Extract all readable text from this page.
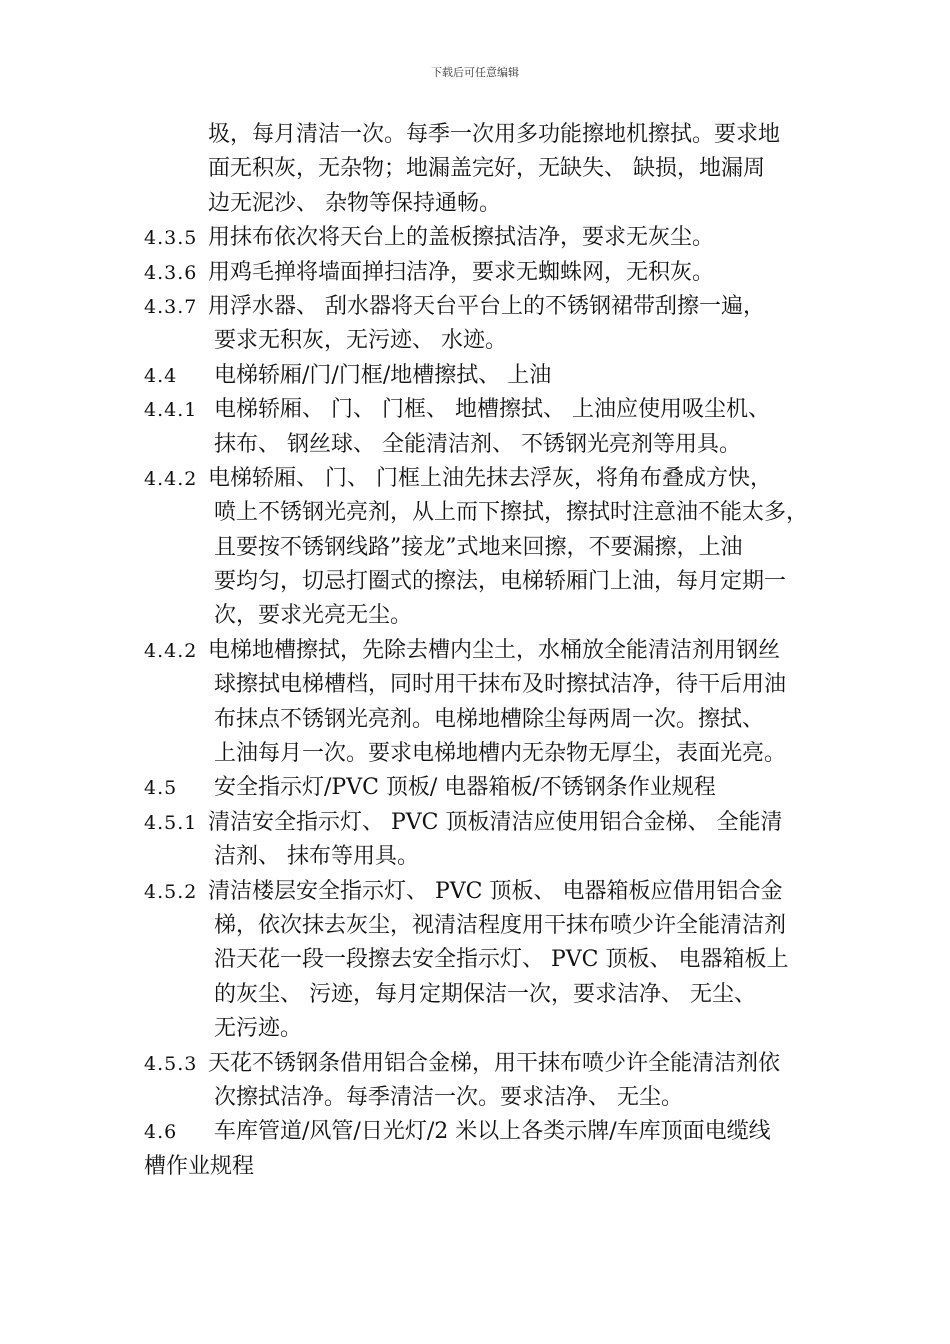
下载后可任意编辑
圾，每月清洁一次。每季一次用多功能擦地机擦拭。要求地
面无积灰，无杂物；地漏盖完好，无缺失、 缺损，地漏周
边无泥沙、 杂物等保持通畅。
4.3.5 用抹布依次将天台上的盖板擦拭洁净，要求无灰尘。
4.3.6 用鸡毛掸将墙面掸扫洁净，要求无蜘蛛网，无积灰。
4.3.7 用浮水器、 刮水器将天台平台上的不锈钢裙带刮擦一遍，
要求无积灰，无污迹、 水迹。
4.4 电梯轿厢/门/门框/地槽擦拭、 上油
4.4.1 电梯轿厢、 门、 门框、 地槽擦拭、 上油应使用吸尘机、
抹布、 钢丝球、 全能清洁剂、 不锈钢光亮剂等用具。
4.4.2 电梯轿厢、 门、 门框上油先抹去浮灰，将角布叠成方快，
喷上不锈钢光亮剂，从上而下擦拭，擦拭时注意油不能太多，
且要按不锈钢线路”接龙”式地来回擦，不要漏擦，上油
要均匀，切忌打圈式的擦法，电梯轿厢门上油，每月定期一
次，要求光亮无尘。
4.4.2 电梯地槽擦拭，先除去槽内尘土，水桶放全能清洁剂用钢丝
球擦拭电梯槽档，同时用干抹布及时擦拭洁净，待干后用油
布抹点不锈钢光亮剂。电梯地槽除尘每两周一次。擦拭、
上油每月一次。要求电梯地槽内无杂物无厚尘，表面光亮。
4.5 安全指示灯/PVC 顶板/ 电器箱板/不锈钢条作业规程
4.5.1 清洁安全指示灯、 PVC 顶板清洁应使用铝合金梯、 全能清
洁剂、 抹布等用具。
4.5.2 清洁楼层安全指示灯、 PVC 顶板、 电器箱板应借用铝合金
梯，依次抹去灰尘，视清洁程度用干抹布喷少许全能清洁剂
沿天花一段一段擦去安全指示灯、 PVC 顶板、 电器箱板上
的灰尘、 污迹，每月定期保洁一次，要求洁净、 无尘、
无污迹。
4.5.3 天花不锈钢条借用铝合金梯，用干抹布喷少许全能清洁剂依
次擦拭洁净。每季清洁一次。要求洁净、 无尘。
4.6 车库管道/风管/日光灯/2 米以上各类示牌/车库顶面电缆线
槽作业规程
